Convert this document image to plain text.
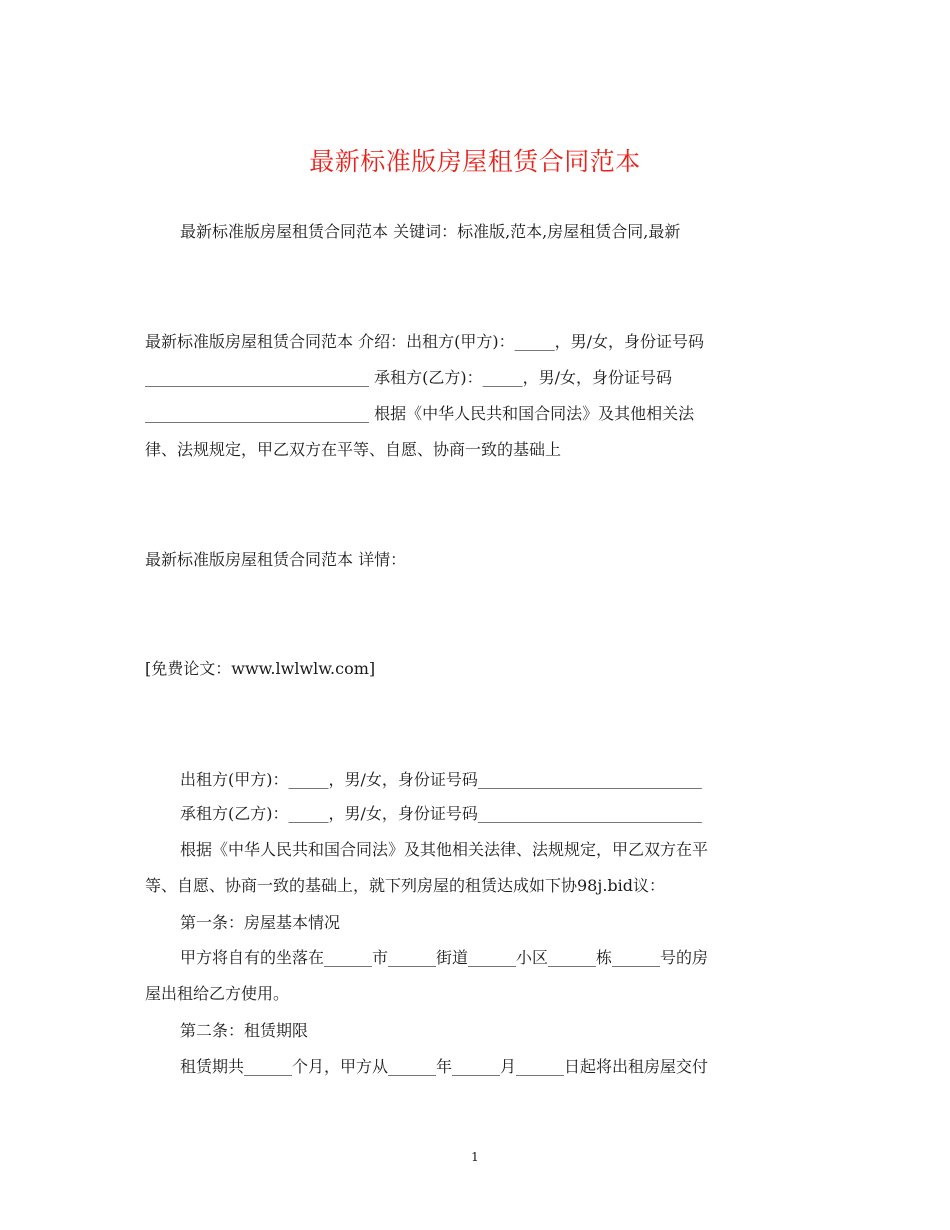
最新标准版房屋租赁合同范本
最新标准版房屋租赁合同范本 关键词：标准版,范本,房屋租赁合同,最新
最新标准版房屋租赁合同范本 介绍：出租方(甲方)：_____，男/女，身份证号码
____________________________ 承租方(乙方)：_____，男/女，身份证号码
____________________________ 根据《中华人民共和国合同法》及其他相关法
律、法规规定，甲乙双方在平等、自愿、协商一致的基础上
最新标准版房屋租赁合同范本 详情：
[免费论文：www.lwlwlw.com]
出租方(甲方)：_____，男/女，身份证号码____________________________
承租方(乙方)：_____，男/女，身份证号码____________________________
根据《中华人民共和国合同法》及其他相关法律、法规规定，甲乙双方在平
等、自愿、协商一致的基础上，就下列房屋的租赁达成如下协98j.bid议：
第一条：房屋基本情况
甲方将自有的坐落在______市______街道______小区______栋______号的房
屋出租给乙方使用。
第二条：租赁期限
租赁期共______个月，甲方从______年______月______日起将出租房屋交付
1
